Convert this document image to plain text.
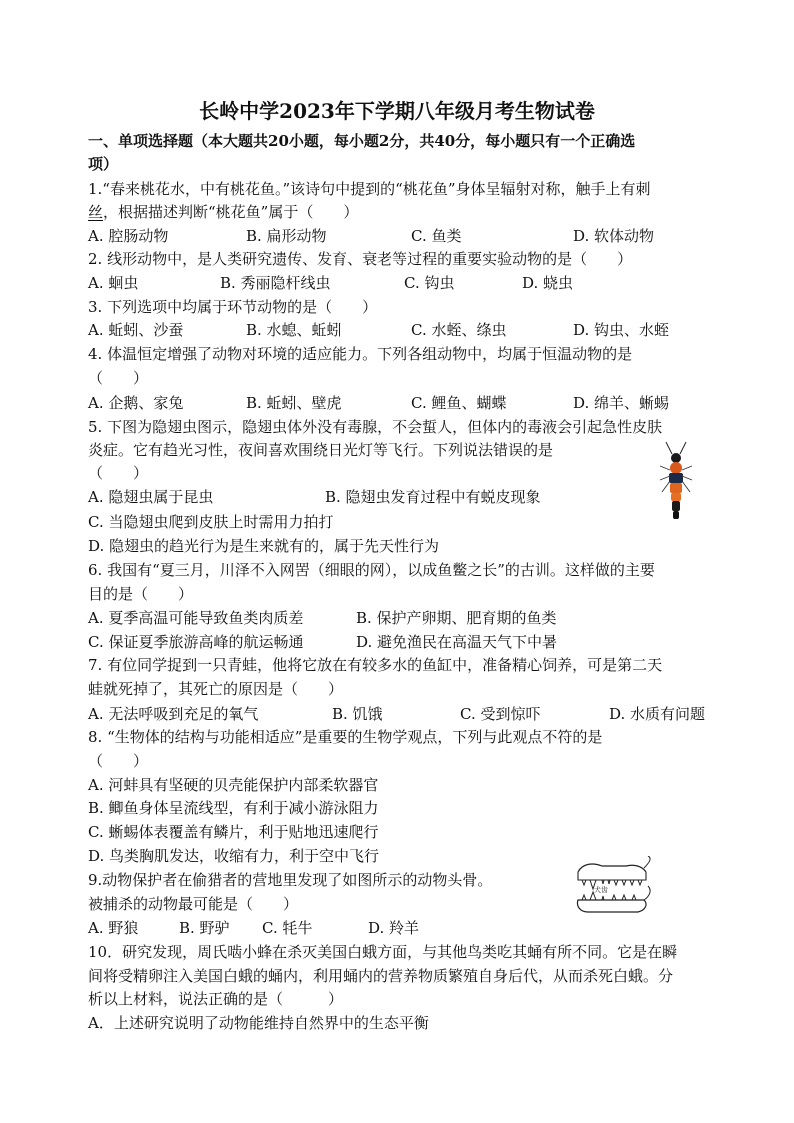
长岭中学2023年下学期八年级月考生物试卷
一、单项选择题（本大题共20小题，每小题2分，共40分，每小题只有一个正确选
项）
1.“春来桃花水，中有桃花鱼。”该诗句中提到的“桃花鱼”身体呈辐射对称，触手上有刺
丝，根据描述判断“桃花鱼”属于（　　）
A. 腔肠动物	B. 扁形动物	C. 鱼类	D. 软体动物
2. 线形动物中，是人类研究遗传、发育、衰老等过程的重要实验动物的是（　　）
A. 蛔虫	B. 秀丽隐杆线虫	C. 钩虫	D. 蛲虫
3. 下列选项中均属于环节动物的是（　　）
A. 蚯蚓、沙蚕	B. 水螅、蚯蚓	C. 水蛭、绦虫	D. 钩虫、水蛭
4. 体温恒定增强了动物对环境的适应能力。下列各组动物中，均属于恒温动物的是
（　　）
A. 企鹅、家兔	B. 蚯蚓、壁虎	C. 鲤鱼、蝴蝶	D. 绵羊、蜥蜴
5. 下图为隐翅虫图示，隐翅虫体外没有毒腺，不会蜇人，但体内的毒液会引起急性皮肤
炎症。它有趋光习性，夜间喜欢围绕日光灯等飞行。下列说法错误的是
（　　）
A. 隐翅虫属于昆虫	B. 隐翅虫发育过程中有蜕皮现象
C. 当隐翅虫爬到皮肤上时需用力拍打
D. 隐翅虫的趋光行为是生来就有的，属于先天性行为
6. 我国有“夏三月，川泽不入网罟（细眼的网），以成鱼鳖之长”的古训。这样做的主要
目的是（　　）
A. 夏季高温可能导致鱼类肉质差	B. 保护产卵期、肥育期的鱼类
C. 保证夏季旅游高峰的航运畅通	D. 避免渔民在高温天气下中暑
7. 有位同学捉到一只青蛙，他将它放在有较多水的鱼缸中，准备精心饲养，可是第二天
蛙就死掉了，其死亡的原因是（　　）
A. 无法呼吸到充足的氧气	B. 饥饿	C. 受到惊吓	D. 水质有问题
8. “生物体的结构与功能相适应”是重要的生物学观点，下列与此观点不符的是
（　　）
A. 河蚌具有坚硬的贝壳能保护内部柔软器官
B. 鲫鱼身体呈流线型，有利于减小游泳阻力
C. 蜥蜴体表覆盖有鳞片，利于贴地迅速爬行
D. 鸟类胸肌发达，收缩有力，利于空中飞行
9.动物保护者在偷猎者的营地里发现了如图所示的动物头骨。
被捕杀的动物最可能是（　　）
A. 野狼	B. 野驴 C. 牦牛	D. 羚羊
犬齿
10．研究发现，周氏啮小蜂在杀灭美国白蛾方面，与其他鸟类吃其蛹有所不同。它是在瞬
间将受精卵注入美国白蛾的蛹内，利用蛹内的营养物质繁殖自身后代，从而杀死白蛾。分
析以上材料，说法正确的是（　　　）
A．上述研究说明了动物能维持自然界中的生态平衡
